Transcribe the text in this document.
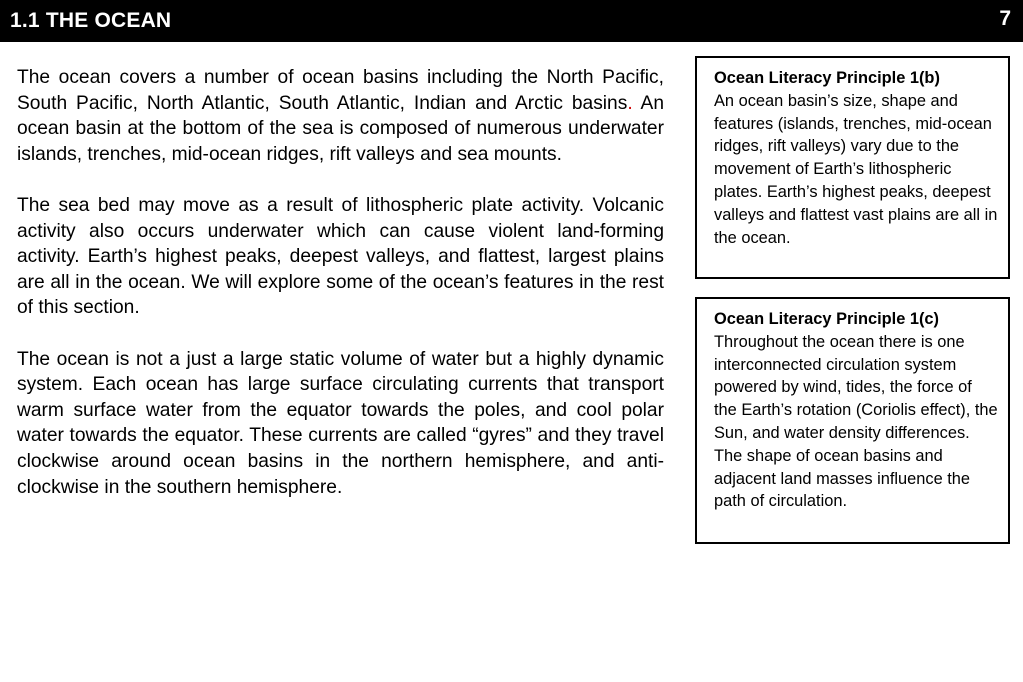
1.1 THE OCEAN	7

The ocean covers a number of ocean basins including the North Pacific, South Pacific, North Atlantic, South Atlantic, Indian and Arctic basins. An ocean basin at the bottom of the sea is composed of numerous underwater islands, trenches, mid-ocean ridges, rift valleys and sea mounts.

The sea bed may move as a result of lithospheric plate activity. Volcanic activity also occurs underwater which can cause violent land-forming activity. Earth’s highest peaks, deepest valleys, and flattest, largest plains are all in the ocean. We will explore some of the ocean’s features in the rest of this section.

The ocean is not a just a large static volume of water but a highly dynamic system. Each ocean has large surface circulating currents that transport warm surface water from the equator towards the poles, and cool polar water towards the equator. These currents are called “gyres” and they travel clockwise around ocean basins in the northern hemisphere, and anti-clockwise in the southern hemisphere.

Ocean Literacy Principle 1(b)
An ocean basin’s size, shape and features (islands, trenches, mid-ocean ridges, rift valleys) vary due to the movement of Earth’s lithospheric plates. Earth’s highest peaks, deepest valleys and flattest vast plains are all in the ocean.
Ocean Literacy Principle 1(c)
Throughout the ocean there is one interconnected circulation system powered by wind, tides, the force of the Earth’s rotation (Coriolis effect), the Sun, and water density differences. The shape of ocean basins and adjacent land masses influence the path of circulation.
